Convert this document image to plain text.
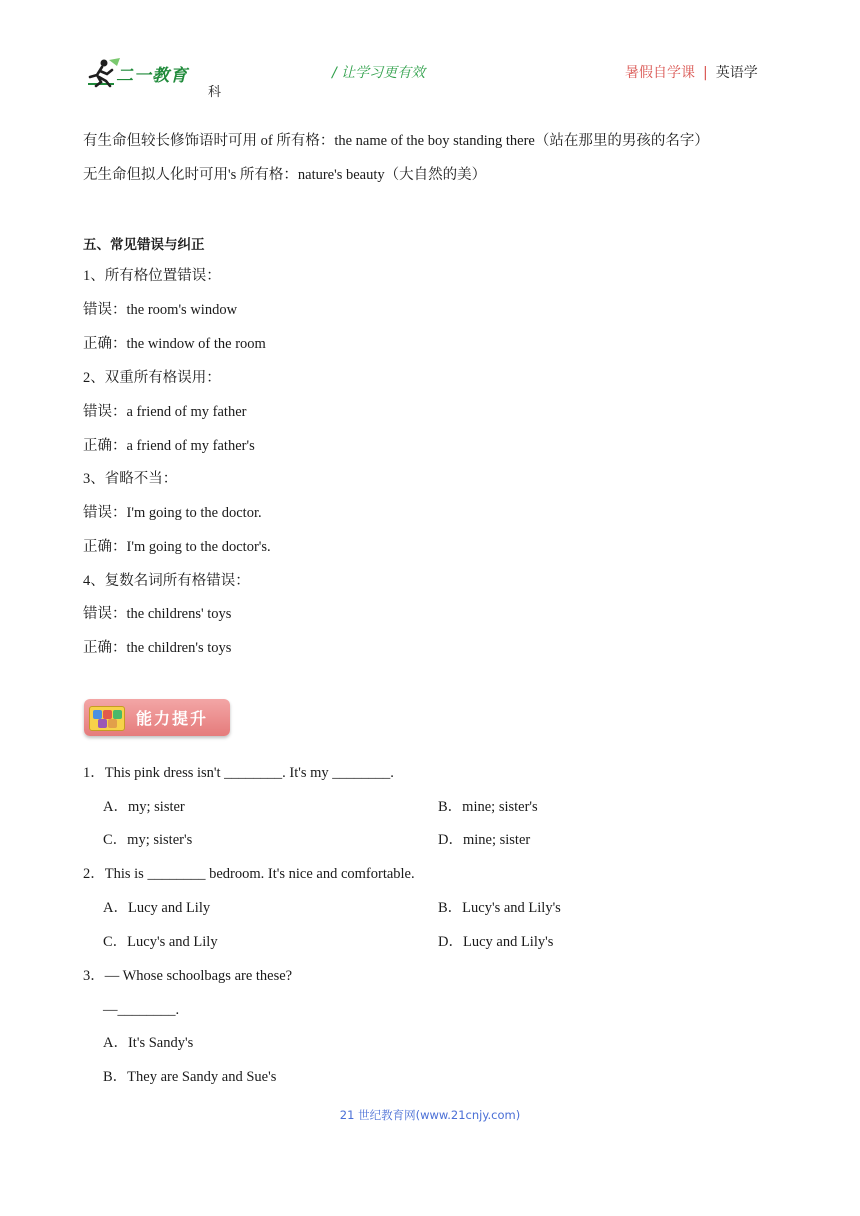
二一教育
科
/ 让学习更有效	暑假自学课 | 英语学
有生命但较长修饰语时可用 of 所有格：the name of the boy standing there（站在那里的男孩的名字）
无生命但拟人化时可用's 所有格：nature's beauty（大自然的美）
五、常见错误与纠正
1、所有格位置错误：
错误：the room's window
正确：the window of the room
2、双重所有格误用：
错误：a friend of my father
正确：a friend of my father's
3、省略不当：
错误：I'm going to the doctor.
正确：I'm going to the doctor's.
4、复数名词所有格错误：
错误：the childrens' toys
正确：the children's toys
能力提升
1．This pink dress isn't ________. It's my ________.
A．my; sister	B．mine; sister's
C．my; sister's	D．mine; sister
2．This is ________ bedroom. It's nice and comfortable.
A．Lucy and Lily	B．Lucy's and Lily's
C．Lucy's and Lily	D．Lucy and Lily's
3．— Whose schoolbags are these?
—________.
A．It's Sandy's
B．They are Sandy and Sue's
21 世纪教育网(www.21cnjy.com)
